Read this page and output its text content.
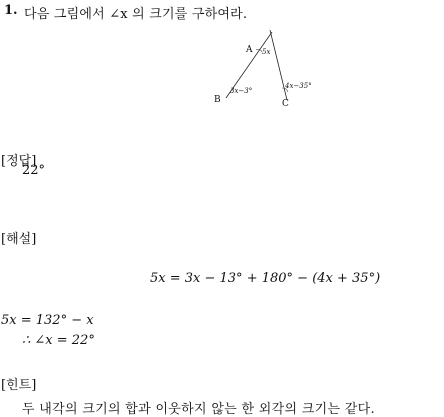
1. 다음 그림에서 ∠x 의 크기를 구하여라.
A 5x
B
3x−3°
C
4x−35°
[정답]
22°
[해설]
5x = 3x − 13° + 180° − (4x + 35°)
5x = 132° − x
∴ ∠x = 22°
[힌트]
두 내각의 크기의 합과 이웃하지 않는 한 외각의 크기는 같다.
